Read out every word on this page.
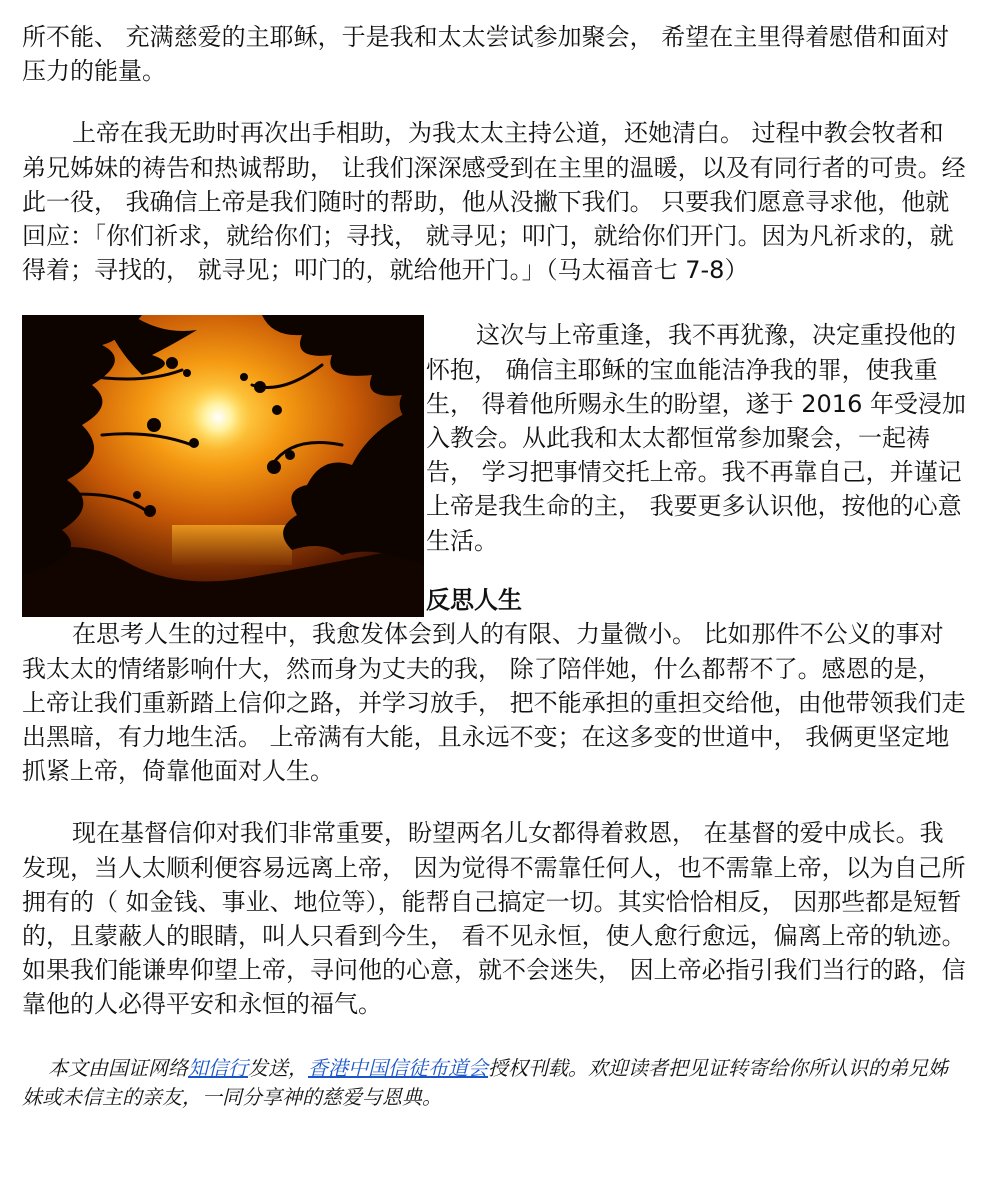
所不能、 充满慈爱的主耶稣，于是我和太太尝试参加聚会， 希望在主里得着慰借和面对压力的能量。

上帝在我无助时再次出手相助，为我太太主持公道，还她清白。 过程中教会牧者和弟兄姊妹的祷告和热诚帮助， 让我们深深感受到在主里的温暖，以及有同行者的可贵。经此一役， 我确信上帝是我们随时的帮助，他从没撇下我们。 只要我们愿意寻求他，他就回应：「你们祈求，就给你们；寻找， 就寻见；叩门，就给你们开门。因为凡祈求的，就得着；寻找的， 就寻见；叩门的，就给他开门。」（马太福音七 7-8）

这次与上帝重逢，我不再犹豫，决定重投他的怀抱， 确信主耶稣的宝血能洁净我的罪，使我重生， 得着他所赐永生的盼望，遂于 2016 年受浸加入教会。从此我和太太都恒常参加聚会，一起祷告， 学习把事情交托上帝。我不再靠自己，并谨记上帝是我生命的主， 我要更多认识他，按他的心意生活。

反思人生

在思考人生的过程中，我愈发体会到人的有限、力量微小。 比如那件不公义的事对我太太的情绪影响什大，然而身为丈夫的我， 除了陪伴她，什么都帮不了。感恩的是， 上帝让我们重新踏上信仰之路，并学习放手， 把不能承担的重担交给他，由他带领我们走出黑暗，有力地生活。 上帝满有大能，且永远不变；在这多变的世道中， 我俩更坚定地抓紧上帝，倚靠他面对人生。

现在基督信仰对我们非常重要，盼望两名儿女都得着救恩， 在基督的爱中成长。我发现，当人太顺利便容易远离上帝， 因为觉得不需靠任何人，也不需靠上帝，以为自己所拥有的（ 如金钱、事业、地位等），能帮自己搞定一切。其实恰恰相反， 因那些都是短暂的，且蒙蔽人的眼睛，叫人只看到今生， 看不见永恒，使人愈行愈远，偏离上帝的轨迹。 如果我们能谦卑仰望上帝，寻问他的心意，就不会迷失， 因上帝必指引我们当行的路，信靠他的人必得平安和永恒的福气。

本文由国证网络知信行发送，香港中国信徒布道会授权刊载。欢迎读者把见证转寄给你所认识的弟兄姊妹或未信主的亲友，一同分享神的慈爱与恩典。
